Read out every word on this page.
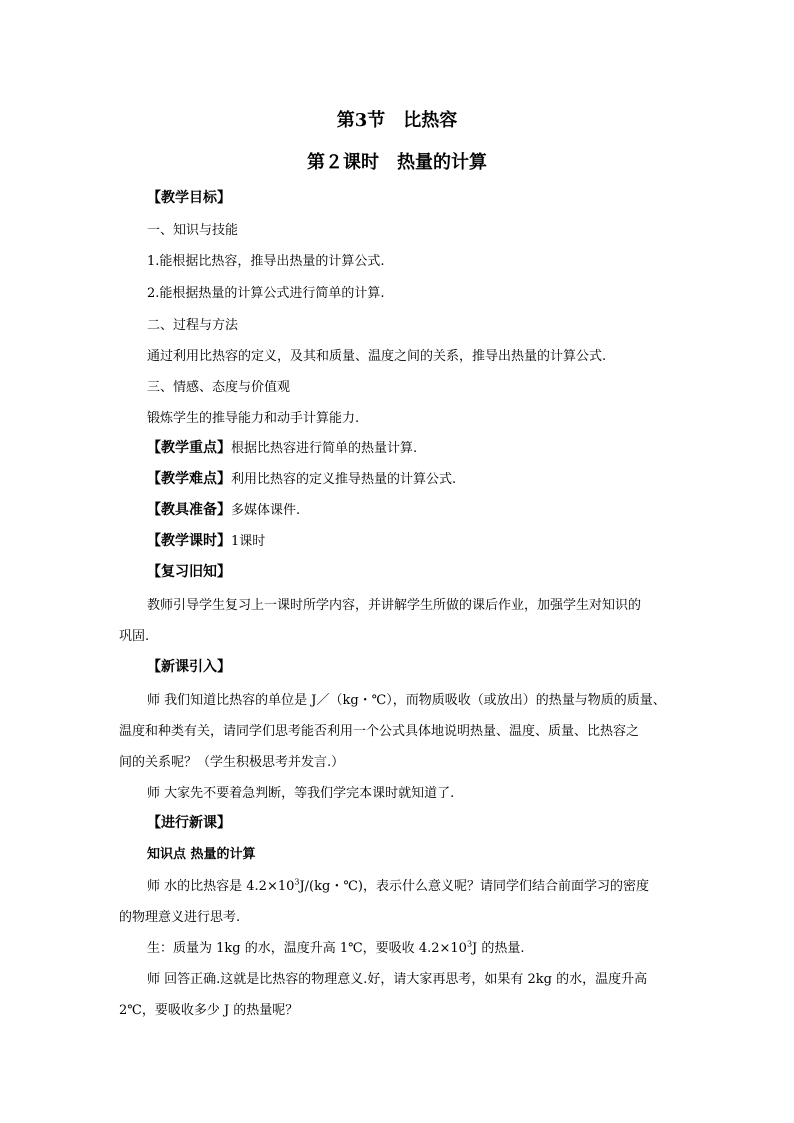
第3节　比热容
第２课时　热量的计算
【教学目标】
一、知识与技能
1.能根据比热容，推导出热量的计算公式.
2.能根据热量的计算公式进行简单的计算.
二、过程与方法
通过利用比热容的定义，及其和质量、温度之间的关系，推导出热量的计算公式.
三、情感、态度与价值观
锻炼学生的推导能力和动手计算能力.
【教学重点】根据比热容进行简单的热量计算.
【教学难点】利用比热容的定义推导热量的计算公式.
【教具准备】多媒体课件.
【教学课时】1课时
【复习旧知】
教师引导学生复习上一课时所学内容，并讲解学生所做的课后作业，加强学生对知识的
巩固.
【新课引入】
师 我们知道比热容的单位是 J／（kg・℃），而物质吸收（或放出）的热量与物质的质量、
温度和种类有关，请同学们思考能否利用一个公式具体地说明热量、温度、质量、比热容之
间的关系呢？（学生积极思考并发言.）
师 大家先不要着急判断，等我们学完本课时就知道了.
【进行新课】
知识点 热量的计算
师 水的比热容是 $4.2\times 10^3J/(kg$・℃)，表示什么意义呢？请同学们结合前面学习的密度
的物理意义进行思考.
生：质量为 1kg 的水，温度升高 1℃，要吸收 $4.2\times 10^3J$ 的热量.
师 回答正确.这就是比热容的物理意义.好，请大家再思考，如果有 2kg 的水，温度升高
2℃，要吸收多少 J 的热量呢？
